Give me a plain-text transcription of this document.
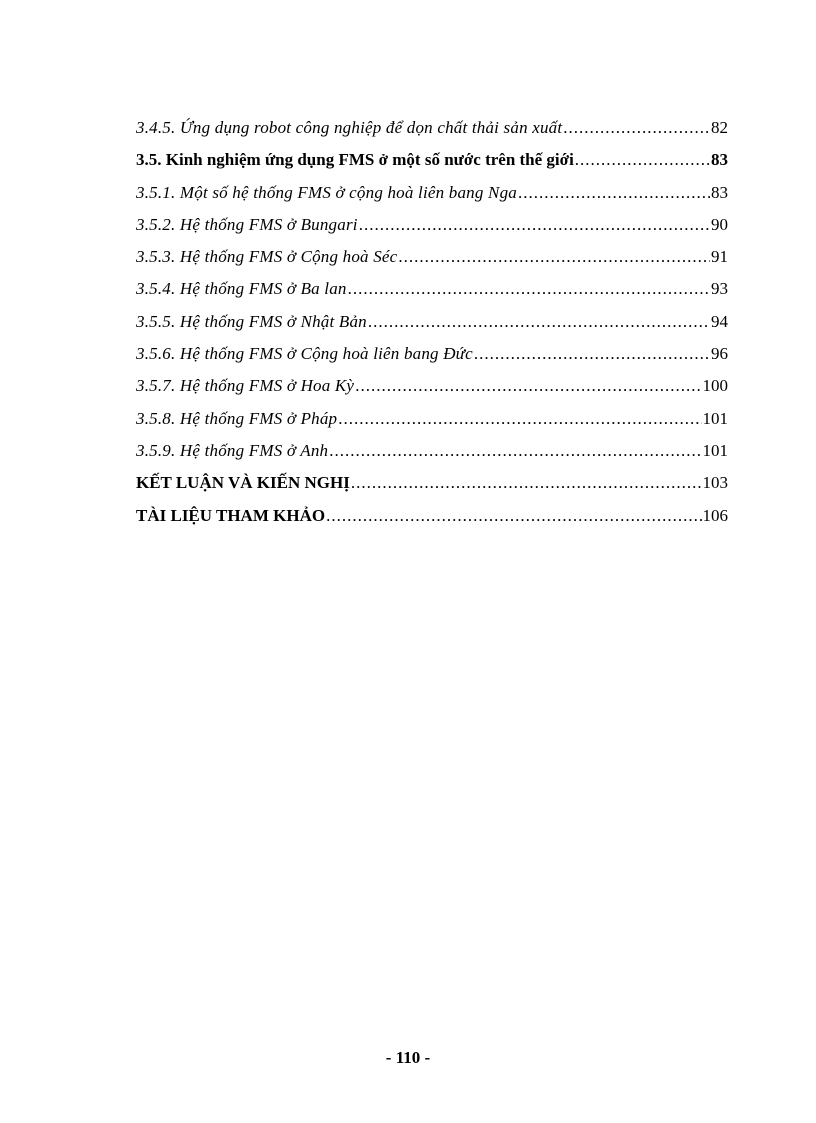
3.4.5. Ứng dụng robot công nghiệp để dọn chất thải sản xuất .....	82
3.5. Kinh nghiệm ứng dụng FMS ở một số nước trên thế giới .....	83
3.5.1. Một số hệ thống FMS ở cộng hoà liên bang Nga .....	83
3.5.2. Hệ thống FMS ở Bungari .....	90
3.5.3. Hệ thống FMS ở Cộng hoà Séc .....	91
3.5.4. Hệ thống FMS ở Ba lan .....	93
3.5.5. Hệ thống FMS ở Nhật Bản .....	94
3.5.6. Hệ thống FMS ở Cộng hoà liên bang Đức .....	96
3.5.7. Hệ thống FMS ở Hoa Kỳ .....	100
3.5.8. Hệ thống FMS ở Pháp .....	101
3.5.9. Hệ thống FMS ở Anh .....	101
KẾT LUẬN VÀ KIẾN NGHỊ .....	103
TÀI LIỆU THAM KHẢO .....	106
- 110 -
